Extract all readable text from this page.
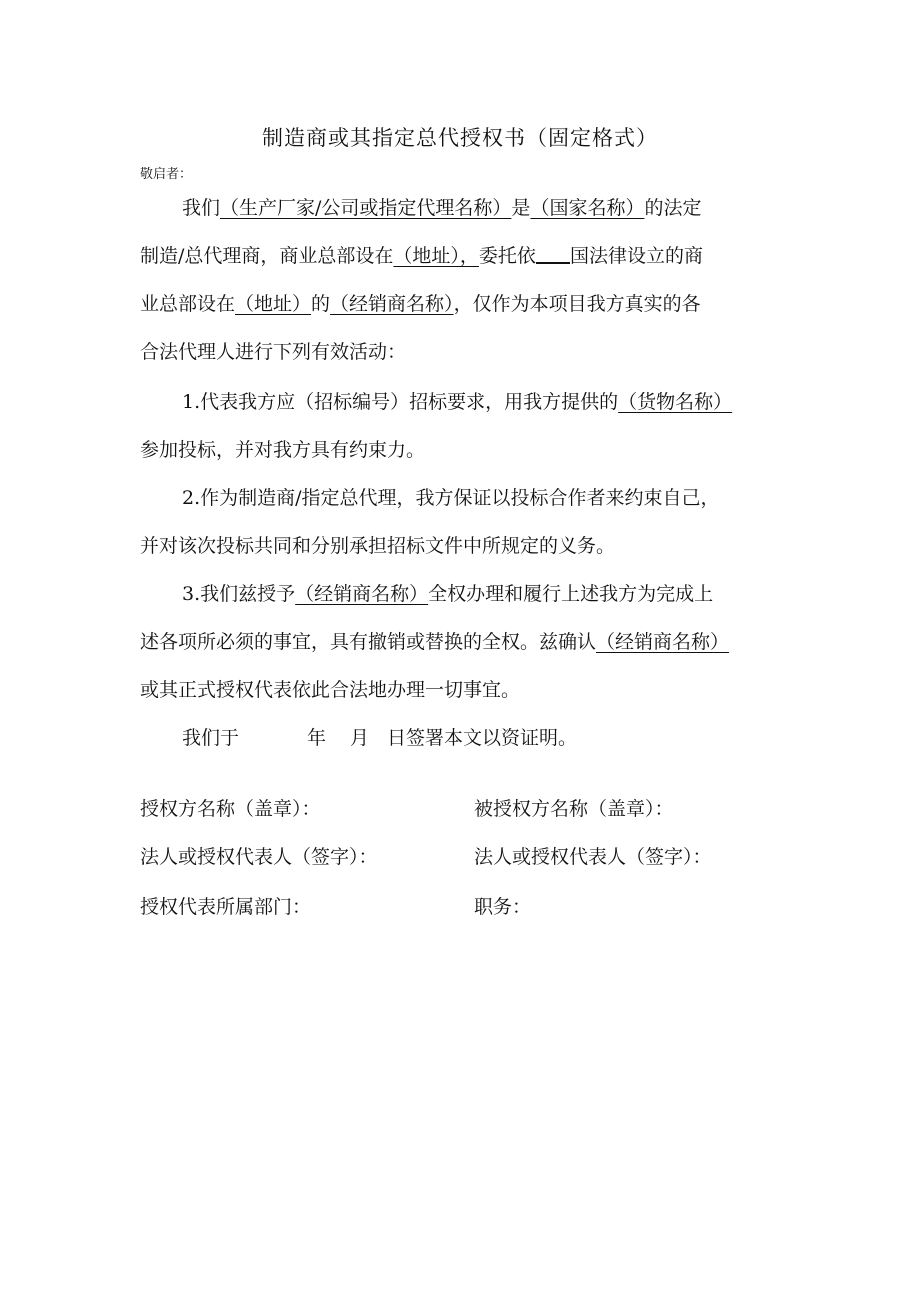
制造商或其指定总代授权书（固定格式）
敬启者：

我们（生产厂家/公司或指定代理名称）是（国家名称）的法定

制造/总代理商，商业总部设在（地址），委托依 国法律设立的商

业总部设在（地址）的（经销商名称），仅作为本项目我方真实的各

合法代理人进行下列有效活动：

1.代表我方应（招标编号）招标要求，用我方提供的（货物名称）

参加投标，并对我方具有约束力。

2.作为制造商/指定总代理，我方保证以投标合作者来约束自己，

并对该次投标共同和分别承担招标文件中所规定的义务。

3.我们兹授予（经销商名称）全权办理和履行上述我方为完成上

述各项所必须的事宜，具有撤销或替换的全权。兹确认（经销商名称）

或其正式授权代表依此合法地办理一切事宜。

我们于	年 月 日签署本文以资证明。

授权方名称（盖章）：	被授权方名称（盖章）：
法人或授权代表人（签字）：	法人或授权代表人（签字）：
授权代表所属部门：	职务：
